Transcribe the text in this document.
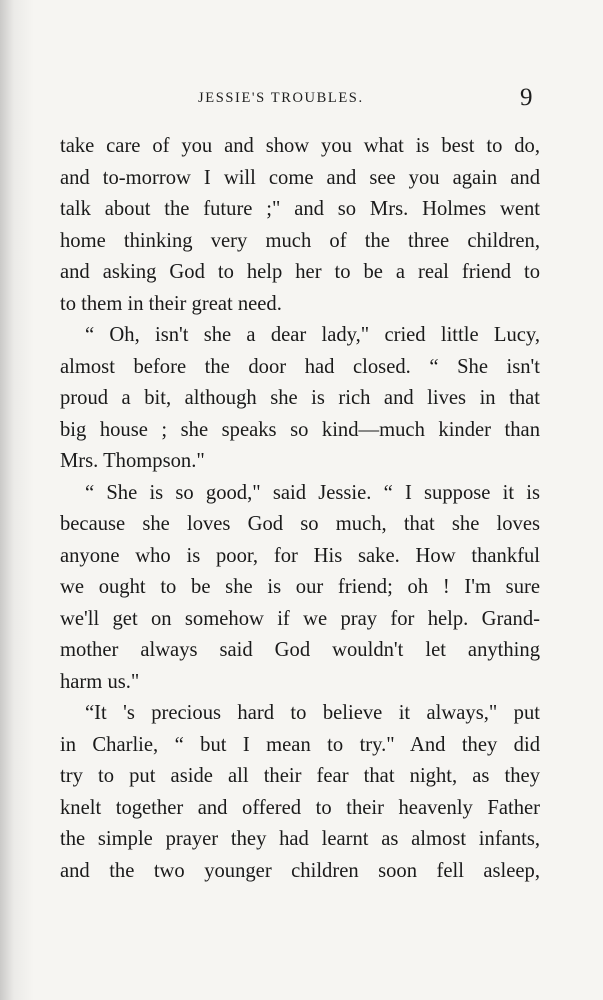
JESSIE'S TROUBLES.	9
take care of you and show you what is best to do,
and to-morrow I will come and see you again and
talk about the future ;" and so Mrs. Holmes went
home thinking very much of the three children,
and asking God to help her to be a real friend to
to them in their great need.
“ Oh, isn't she a dear lady," cried little Lucy,
almost before the door had closed. “ She isn't
proud a bit, although she is rich and lives in that
big house ; she speaks so kind—much kinder than
Mrs. Thompson."
“ She is so good," said Jessie. “ I suppose it is
because she loves God so much, that she loves
anyone who is poor, for His sake. How thankful
we ought to be she is our friend; oh ! I'm sure
we'll get on somehow if we pray for help. Grand-
mother always said God wouldn't let anything
harm us."
“It 's precious hard to believe it always," put
in Charlie, “ but I mean to try." And they did
try to put aside all their fear that night, as they
knelt together and offered to their heavenly Father
the simple prayer they had learnt as almost infants,
and the two younger children soon fell asleep,
